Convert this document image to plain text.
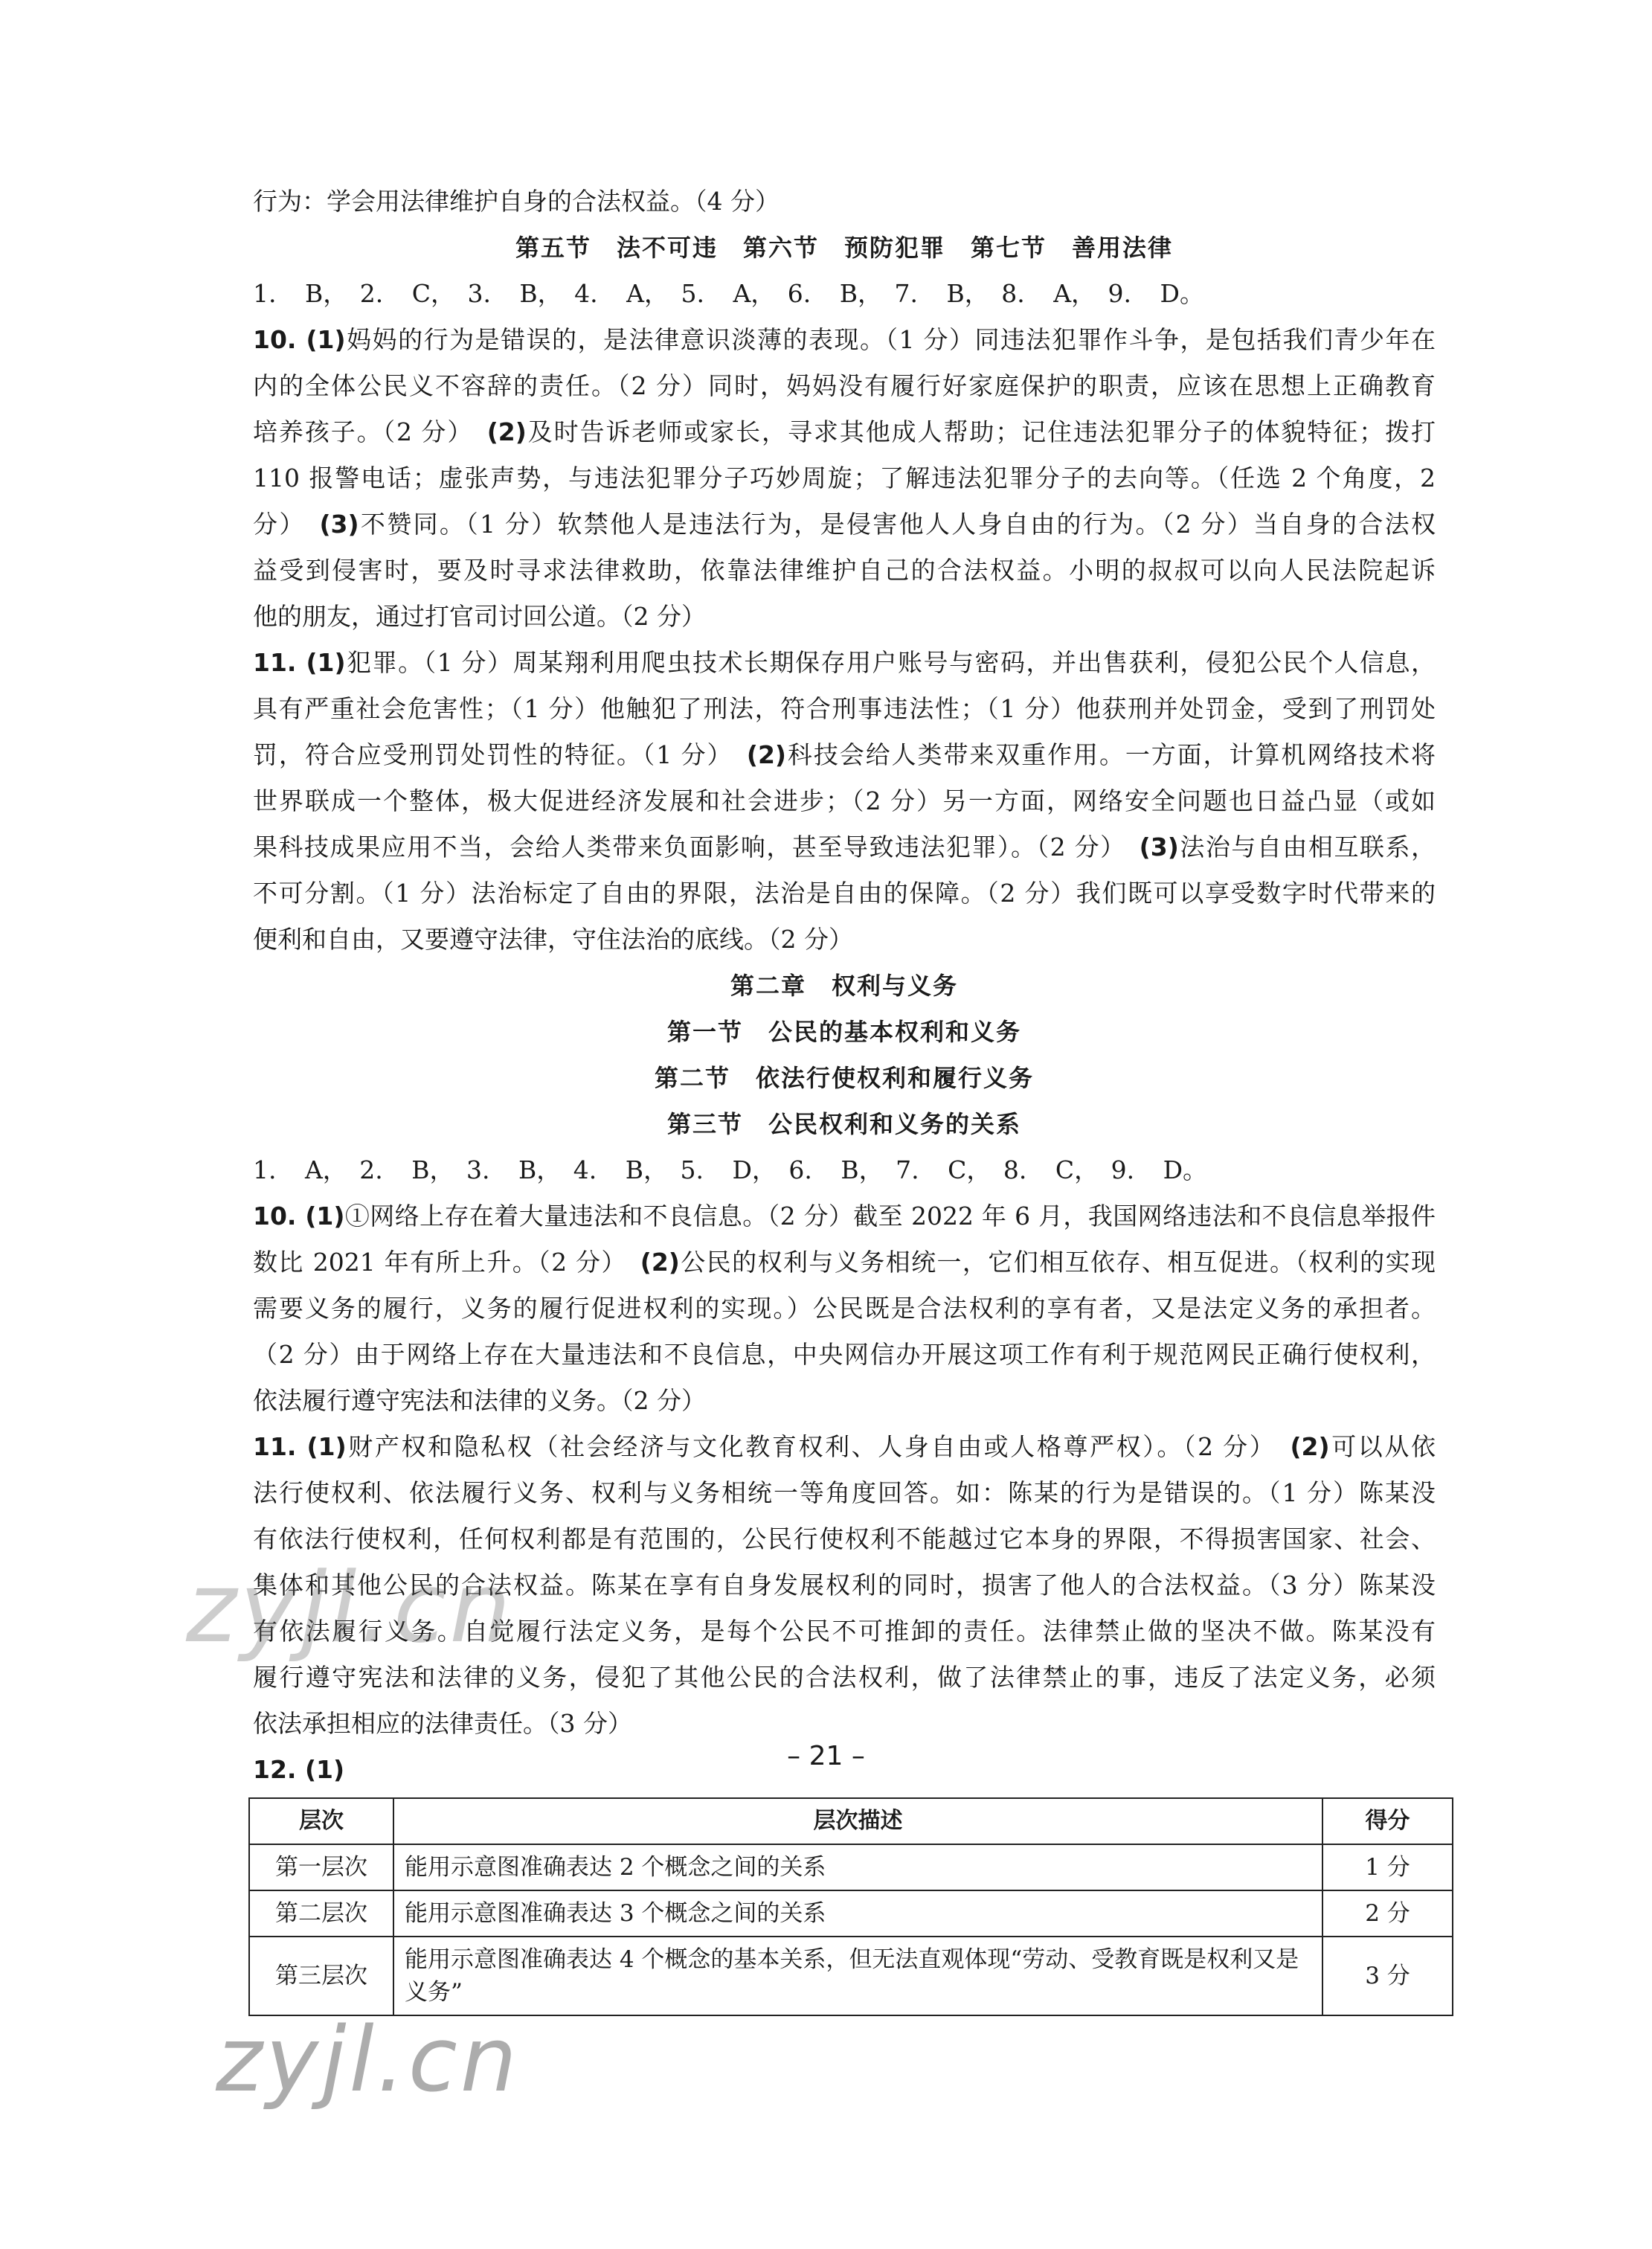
行为：学会用法律维护自身的合法权益。（4 分）
第五节　法不可违　第六节　预防犯罪　第七节　善用法律
1. B，　2. C，　3. B，　4. A，　5. A，　6. B，　7. B，　8. A，　9. D。
10. (1)妈妈的行为是错误的，是法律意识淡薄的表现。（1 分）同违法犯罪作斗争，是包括我们青少年在
内的全体公民义不容辞的责任。（2 分）同时，妈妈没有履行好家庭保护的职责，应该在思想上正确教育
培养孩子。（2 分）　(2)及时告诉老师或家长，寻求其他成人帮助；记住违法犯罪分子的体貌特征；拨打
110 报警电话；虚张声势，与违法犯罪分子巧妙周旋；了解违法犯罪分子的去向等。（任选 2 个角度，2
分）　(3)不赞同。（1 分）软禁他人是违法行为，是侵害他人人身自由的行为。（2 分）当自身的合法权
益受到侵害时，要及时寻求法律救助，依靠法律维护自己的合法权益。小明的叔叔可以向人民法院起诉
他的朋友，通过打官司讨回公道。（2 分）
11. (1)犯罪。（1 分）周某翔利用爬虫技术长期保存用户账号与密码，并出售获利，侵犯公民个人信息，
具有严重社会危害性；（1 分）他触犯了刑法，符合刑事违法性；（1 分）他获刑并处罚金，受到了刑罚处
罚，符合应受刑罚处罚性的特征。（1 分）　(2)科技会给人类带来双重作用。一方面，计算机网络技术将
世界联成一个整体，极大促进经济发展和社会进步；（2 分）另一方面，网络安全问题也日益凸显（或如
果科技成果应用不当，会给人类带来负面影响，甚至导致违法犯罪）。（2 分）　(3)法治与自由相互联系，
不可分割。（1 分）法治标定了自由的界限，法治是自由的保障。（2 分）我们既可以享受数字时代带来的
便利和自由，又要遵守法律，守住法治的底线。（2 分）
第二章　权利与义务
第一节　公民的基本权利和义务
第二节　依法行使权利和履行义务
第三节　公民权利和义务的关系
1. A，　2. B，　3. B，　4. B，　5. D，　6. B，　7. C，　8. C，　9. D。
10. (1)①网络上存在着大量违法和不良信息。（2 分）截至 2022 年 6 月，我国网络违法和不良信息举报件
数比 2021 年有所上升。（2 分）　(2)公民的权利与义务相统一，它们相互依存、相互促进。（权利的实现
需要义务的履行，义务的履行促进权利的实现。）公民既是合法权利的享有者，又是法定义务的承担者。
（2 分）由于网络上存在大量违法和不良信息，中央网信办开展这项工作有利于规范网民正确行使权利，
依法履行遵守宪法和法律的义务。（2 分）
11. (1)财产权和隐私权（社会经济与文化教育权利、人身自由或人格尊严权）。（2 分）　(2)可以从依
法行使权利、依法履行义务、权利与义务相统一等角度回答。如：陈某的行为是错误的。（1 分）陈某没
有依法行使权利，任何权利都是有范围的，公民行使权利不能越过它本身的界限，不得损害国家、社会、
集体和其他公民的合法权益。陈某在享有自身发展权利的同时，损害了他人的合法权益。（3 分）陈某没
有依法履行义务。自觉履行法定义务，是每个公民不可推卸的责任。法律禁止做的坚决不做。陈某没有
履行遵守宪法和法律的义务，侵犯了其他公民的合法权利，做了法律禁止的事，违反了法定义务，必须
依法承担相应的法律责任。（3 分）
12. (1)
层次	层次描述	得分
第一层次	能用示意图准确表达 2 个概念之间的关系	1 分
第二层次	能用示意图准确表达 3 个概念之间的关系	2 分
第三层次	能用示意图准确表达 4 个概念的基本关系，但无法直观体现“劳动、受教育既是权利又是义务”	3 分
– 21 –
zyjl.cn
zyjl.cn
